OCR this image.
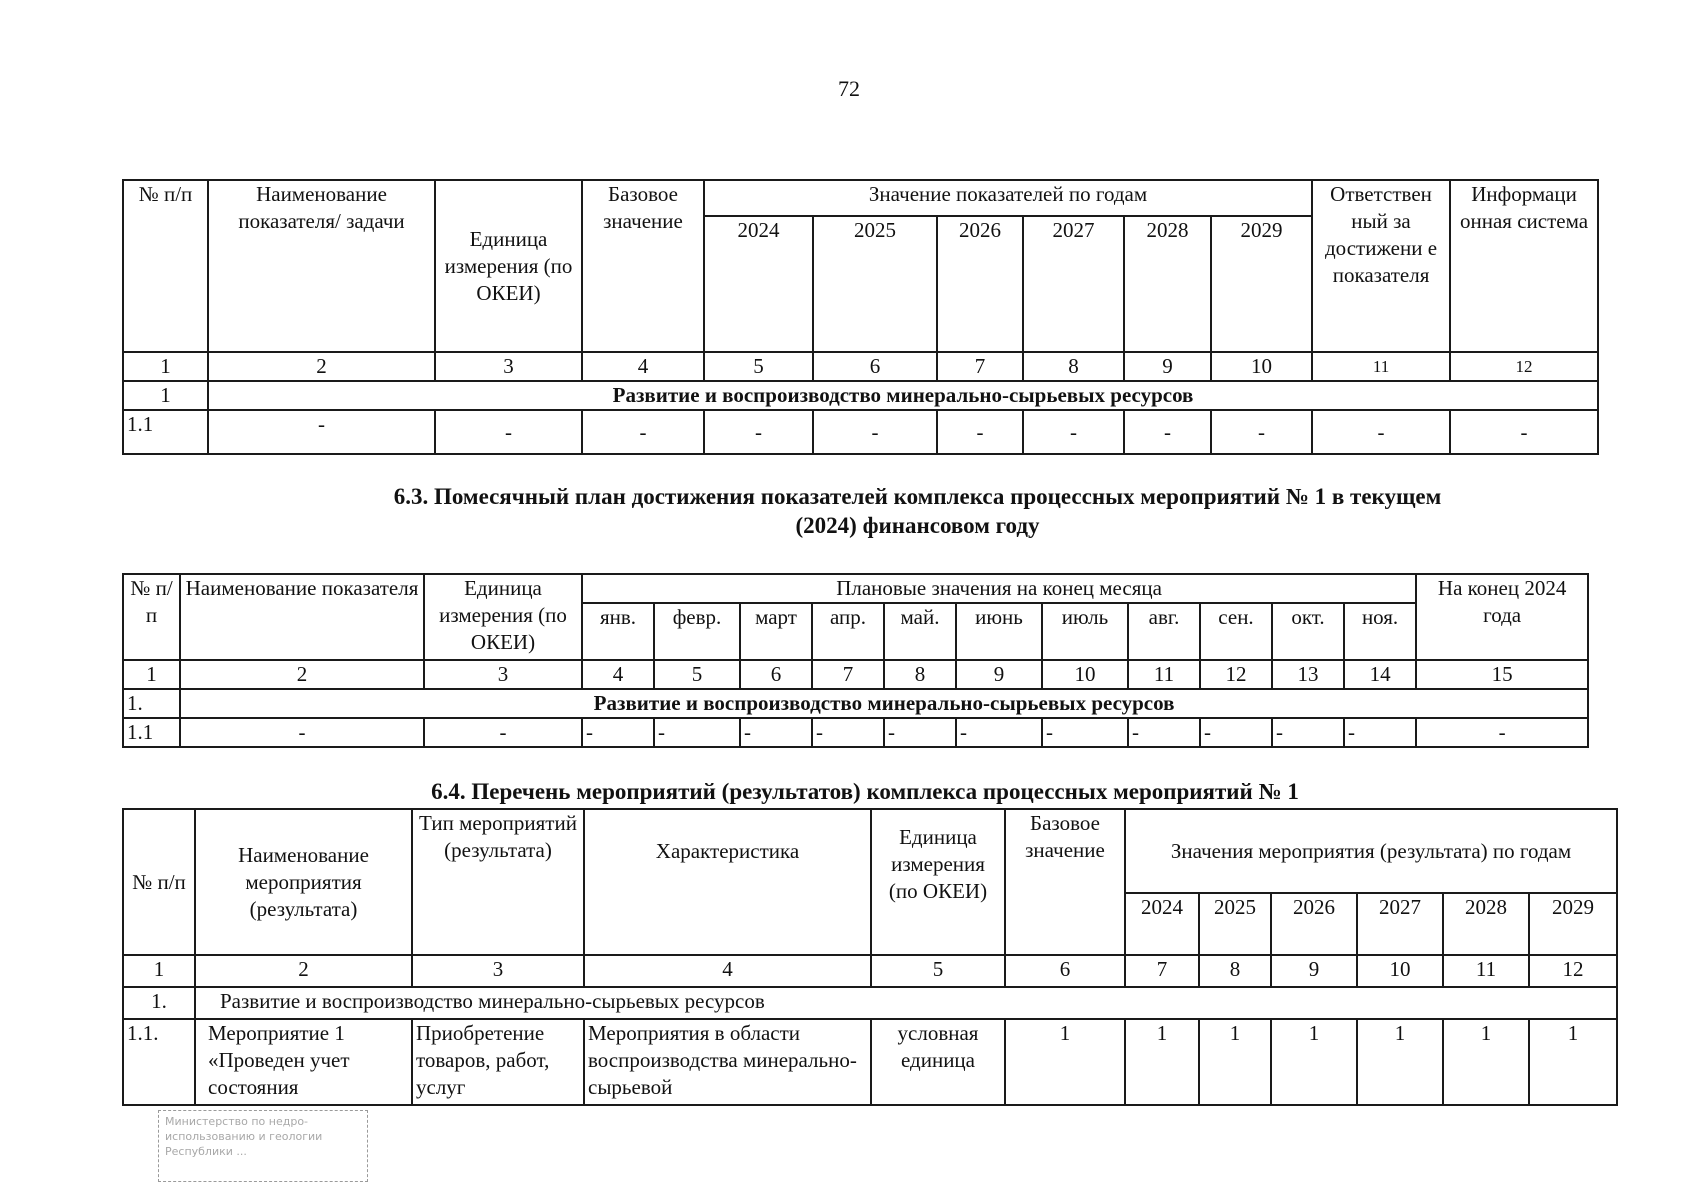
72
№ п/п	Наименование показателя/ задачи	Единица измерения (по ОКЕИ)	Базовое значение	Значение показателей по годам						Ответствен ный за достижени е показателя	Информаци онная система
				2024	2025	2026	2027	2028	2029		
1	2	3	4	5	6	7	8	9	10	11	12
1	Развитие и воспроизводство минерально-сырьевых ресурсов										
1.1	-	-	-	-	-	-	-	-	-	-	-
6.3. Помесячный план достижения показателей комплекса процессных мероприятий № 1 в текущем
(2024) финансовом году
№ п/п	Наименование показателя	Единица измерения (по ОКЕИ)	Плановые значения на конец месяца											На конец 2024 года
			янв.	февр.	март	апр.	май.	июнь	июль	авг.	сен.	окт.	ноя.	
1	2	3	4	5	6	7	8	9	10	11	12	13	14	15
1.	Развитие и воспроизводство минерально-сырьевых ресурсов													
1.1	-	-	-	-	-	-	-	-	-	-	-	-	-	-
6.4. Перечень мероприятий (результатов) комплекса процессных мероприятий № 1
№ п/п	Наименование мероприятия (результата)	Тип мероприятий (результата)	Характеристика	Единица измерения (по ОКЕИ)	Базовое значение	Значения мероприятия (результата) по годам					
						2024	2025	2026	2027	2028	2029
1	2	3	4	5	6	7	8	9	10	11	12
1.	Развитие и воспроизводство минерально-сырьевых ресурсов										
1.1.	Мероприятие 1 «Проведен учет состояния	Приобретение товаров, работ, услуг	Мероприятия в области воспроизводства минерально-сырьевой	условная единица	1	1	1	1	1	1	1
Министерство по недро-
использованию и геологии
Республики ...
